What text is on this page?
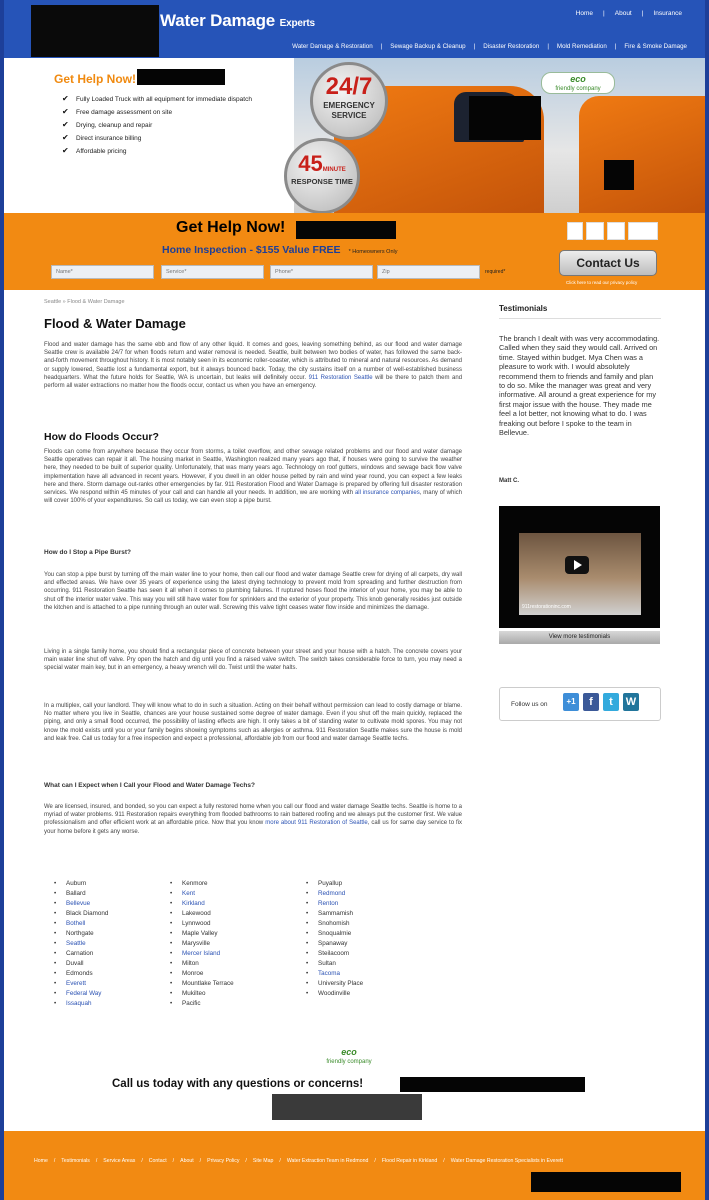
Water Damage Experts
Home | About | Insurance
Water Damage & Restoration | Sewage Backup & Cleanup | Disaster Restoration | Mold Remediation | Fire & Smoke Damage
Get Help Now!
✔ Fully Loaded Truck with all equipment for immediate dispatch
✔ Free damage assessment on site
✔ Drying, cleanup and repair
✔ Direct insurance billing
✔ Affordable pricing
24/7
EMERGENCY
SERVICE
45MINUTE
RESPONSE TIME
eco
friendly company
Get Help Now!
Home Inspection - $155 Value FREE * Homeowners Only
Name*
Service*
Phone*
Zip
required*
Contact Us
Click here to read our privacy policy
Seattle » Flood & Water Damage
Flood & Water Damage
Flood and water damage has the same ebb and flow of any other liquid. It comes and goes, leaving something behind, as our flood and water damage Seattle crew is available 24/7 for when floods return and water removal is needed. Seattle, built between two bodies of water, has followed the same back-and-forth movement throughout history. It is most notably seen in its economic roller-coaster, which is attributed to mineral and natural resources. As demand or supply lowered, Seattle lost a fundamental export, but it always bounced back. Today, the city sustains itself on a number of well-established business headquarters. What the future holds for Seattle, WA is uncertain, but leaks will definitely occur. 911 Restoration Seattle will be there to patch them and perform all water extractions no matter how the floods occur, contact us when you have an emergency.
How do Floods Occur?
Floods can come from anywhere because they occur from storms, a toilet overflow, and other sewage related problems and our flood and water damage Seattle operatives can repair it all. The housing market in Seattle, Washington realized many years ago that, if houses were going to survive the weather here, they needed to be built of superior quality. Unfortunately, that was many years ago. Technology on roof gutters, windows and sewage back flow valve implementation have all advanced in recent years. However, if you dwell in an older house pelted by rain and wind year round, you can expect a few leaks here and there. Storm damage out-ranks other emergencies by far. 911 Restoration Flood and Water Damage is prepared by offering full disaster restoration services. We respond within 45 minutes of your call and can handle all your needs. In addition, we are working with all insurance companies, many of which will cover 100% of your expenditures. So call us today, we can even stop a pipe burst.
How do I Stop a Pipe Burst?
You can stop a pipe burst by turning off the main water line to your home, then call our flood and water damage Seattle crew for drying of all carpets, dry wall and effected areas. We have over 35 years of experience using the latest drying technology to prevent mold from spreading and further destruction from occurring. 911 Restoration Seattle has seen it all when it comes to plumbing failures. If ruptured hoses flood the interior of your home, you may be able to shut off the interior water valve. This way you will still have water flow for sprinklers and the exterior of your property. This knob generally resides just outside the kitchen and is attached to a pipe running through an outer wall. Screwing this valve tight ceases water flow inside and minimizes the damage.
Living in a single family home, you should find a rectangular piece of concrete between your street and your house with a hatch. The concrete covers your main water line shut off valve. Pry open the hatch and dig until you find a raised valve switch. The switch takes considerable force to turn, you may need a special water main key, but in an emergency, a heavy wrench will do. Twist until the water halts.
In a multiplex, call your landlord. They will know what to do in such a situation. Acting on their behalf without permission can lead to costly damage or blame. No matter where you live in Seattle, chances are your house sustained some degree of water damage. Even if you shut off the main quickly, replaced the piping, and only a small flood occurred, the possibility of lasting effects are high. It only takes a bit of standing water to cultivate mold spores. You may not know the mold exists until you or your family begins showing symptoms such as allergies or asthma. 911 Restoration Seattle makes sure the house is mold and leak free. Call us today for a free inspection and expect a professional, affordable job from our flood and water damage Seattle techs.
What can I Expect when I Call your Flood and Water Damage Techs?
We are licensed, insured, and bonded, so you can expect a fully restored home when you call our flood and water damage Seattle techs. Seattle is home to a myriad of water problems. 911 Restoration repairs everything from flooded bathrooms to rain battered roofing and we always put the customer first. We value professionalism and offer efficient work at an affordable price. Now that you know more about 911 Restoration of Seattle, call us for same day service to fix your home before it gets any worse.
• Auburn
• Ballard
• Bellevue
• Black Diamond
• Bothell
• Northgate
• Seattle
• Carnation
• Duvall
• Edmonds
• Everett
• Federal Way
• Issaquah
• Kenmore
• Kent
• Kirkland
• Lakewood
• Lynnwood
• Maple Valley
• Marysville
• Mercer Island
• Milton
• Monroe
• Mountlake Terrace
• Mukilteo
• Pacific
• Puyallup
• Redmond
• Renton
• Sammamish
• Snohomish
• Snoqualmie
• Spanaway
• Steilacoom
• Sultan
• Tacoma
• University Place
• Woodinville
Testimonials
The branch I dealt with was very accommodating. Called when they said they would call. Arrived on time. Stayed within budget. Mya Chen was a pleasure to work with. I would absolutely recommend them to friends and family and plan to do so. Mike the manager was great and very informative. All around a great experience for my first major issue with the house. They made me feel a lot better, not knowing what to do. I was freaking out before I spoke to the team in Bellevue.
Matt C.
911restorationinc.com
View more testimonials
Follow us on	+1	f	t	W
eco
friendly company
Call us today with any questions or concerns!
Home / Testimonials / Service Areas / Contact / About / Privacy Policy / Site Map / Water Extraction Team in Redmond / Flood Repair in Kirkland / Water Damage Restoration Specialists in Everett
